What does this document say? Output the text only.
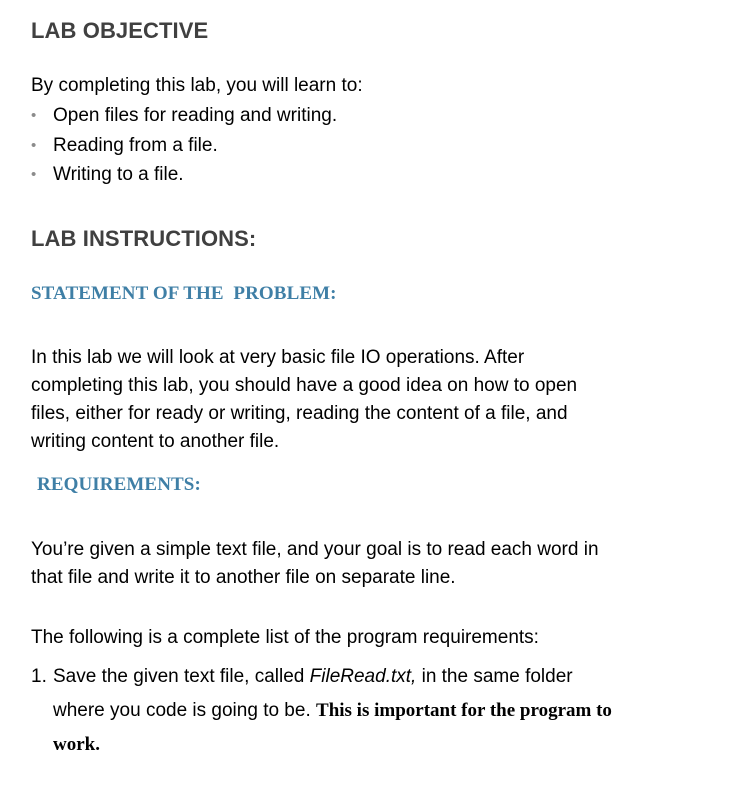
LAB OBJECTIVE

By completing this lab, you will learn to:

• Open files for reading and writing.
• Reading from a file.
• Writing to a file.
LAB INSTRUCTIONS:
STATEMENT OF THE  PROBLEM:
In this lab we will look at very basic file IO operations. After
completing this lab, you should have a good idea on how to open
files, either for ready or writing, reading the content of a file, and
writing content to another file.
REQUIREMENTS:
You’re given a simple text file, and your goal is to read each word in
that file and write it to another file on separate line.

The following is a complete list of the program requirements:

1. Save the given text file, called FileRead.txt, in the same folder
where you code is going to be. This is important for the program to
work.
